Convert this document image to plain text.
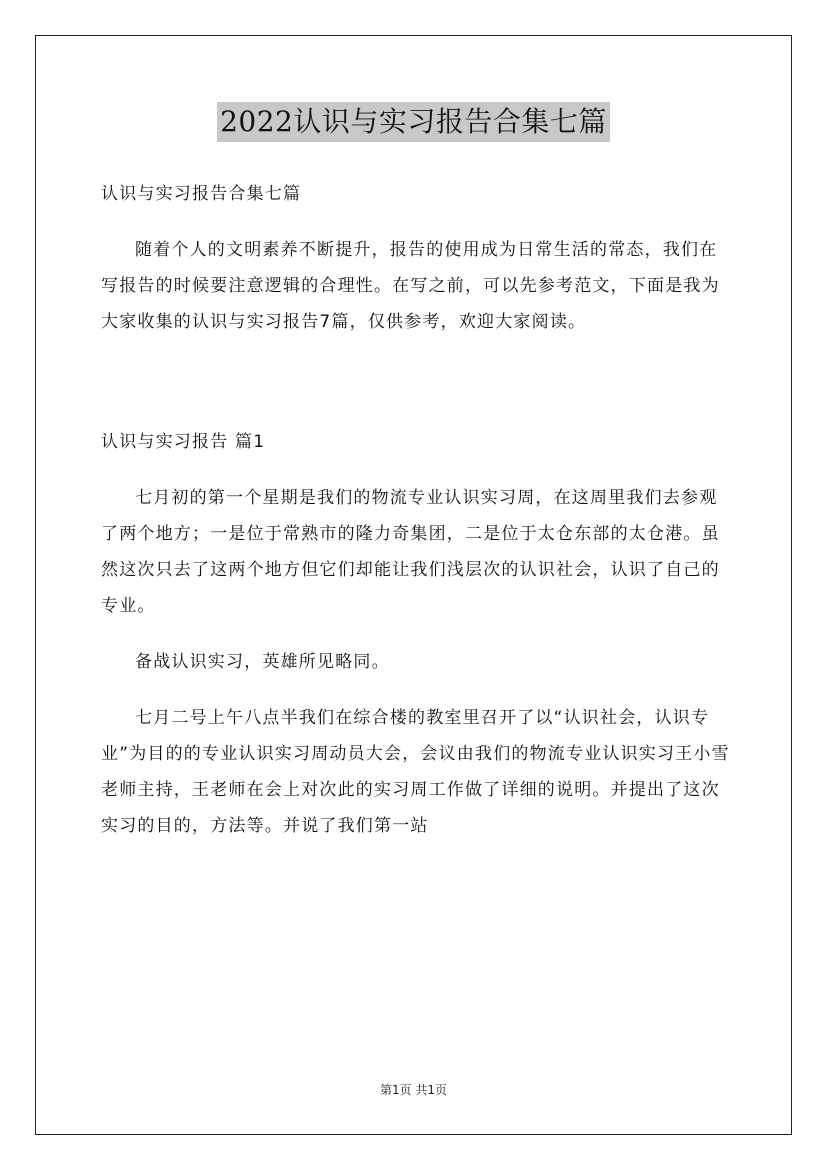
2022认识与实习报告合集七篇

认识与实习报告合集七篇

随着个人的文明素养不断提升，报告的使用成为日常生活的常态，我们在写报告的时候要注意逻辑的合理性。在写之前，可以先参考范文，下面是我为大家收集的认识与实习报告7篇，仅供参考，欢迎大家阅读。

认识与实习报告 篇1

七月初的第一个星期是我们的物流专业认识实习周，在这周里我们去参观了两个地方；一是位于常熟市的隆力奇集团，二是位于太仓东部的太仓港。虽然这次只去了这两个地方但它们却能让我们浅层次的认识社会，认识了自己的专业。

备战认识实习，英雄所见略同。

七月二号上午八点半我们在综合楼的教室里召开了以“认识社会，认识专业”为目的的专业认识实习周动员大会，会议由我们的物流专业认识实习王小雪老师主持，王老师在会上对次此的实习周工作做了详细的说明。并提出了这次实习的目的，方法等。并说了我们第一站

第1页 共1页
